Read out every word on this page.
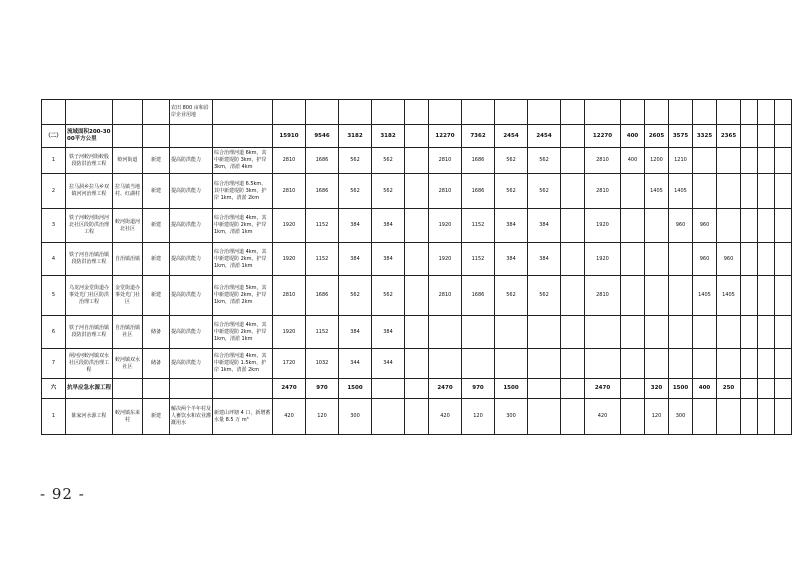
				农田 800 亩和沿岸企业用地																				
（二）	流域面积200-3000平方公里					15910	9546	3182	3182		12270	7362	2454	2454		12270	400	2605	3575	3325	2365			
1	铁子河蛟河街蛟股段防洪治理工程	蛟河街道	新建	提高防洪能力	综合治理河道 6km，其中新建堤防 3km，护岸 3km，清淤 4km	2810	1686	562	562		2810	1686	562	562		2810	400	1200	1210					
2	拉马洞乡拉马乡双镇河河治理工程	拉马镇当地村、红湖村	新建	提高防洪能力	综合治理河道 6.5km，其中新建堤防 3km，护岸 1km，清淤 2km	2810	1686	562	562		2810	1686	562	562		2810		1405	1405					
3	铁子河蛟河街河河北社区段防洪治理工程	蛟河街道河北社区	新建	提高防洪能力	综合治理河道 4km，其中新建堤防 2km，护岸 1km，清淤 1km	1920	1152	384	384		1920	1152	384	384		1920			960	960				
4	铁子河自治镇治镇段防洪治理工程	自治镇治镇	新建	提高防洪能力	综合治理河道 4km，其中新建堤防 2km，护岸 1km，清淤 1km	1920	1152	384	384		1920	1152	384	384		1920				960	960			
5	乌龙河金堂街道办事处光门社区防洪治理工程	金堂街道办事处光门社区	新建	提高防洪能力	综合治理河道 5km，其中新建堤防 2km，护岸 1km，清淤 2km	2810	1686	562	562		2810	1686	562	562		2810				1405	1405			
6	铁子河自治镇治镇段防洪治理工程	自治镇治镇社区	储备	提高防洪能力	综合治理河道 4km，其中新建堤防 2km，护岸 1km，清淤 1km	1920	1152	384	384															
7	闸河河蛟河镇双水社区段防洪治理工程	蛟河镇双水社区	储备	提高防洪能力	综合治理河道 4km，其中新建堤防 1.5km，护岸 1km，清淤 2km	1720	1032	344	344															
六	抗旱应急水源工程					2470	970	1500			2470	970	1500			2470		320	1500	400	250			
1	陈家河水源工程	蛟河镇东来村	新建	解决两个半年村及人畜饮水和农业灌溉用水	新建山坪塘 4 口，新增蓄水量 8.5 万 m³	420	120	300			420	120	300			420		120	300					
- 92 -
